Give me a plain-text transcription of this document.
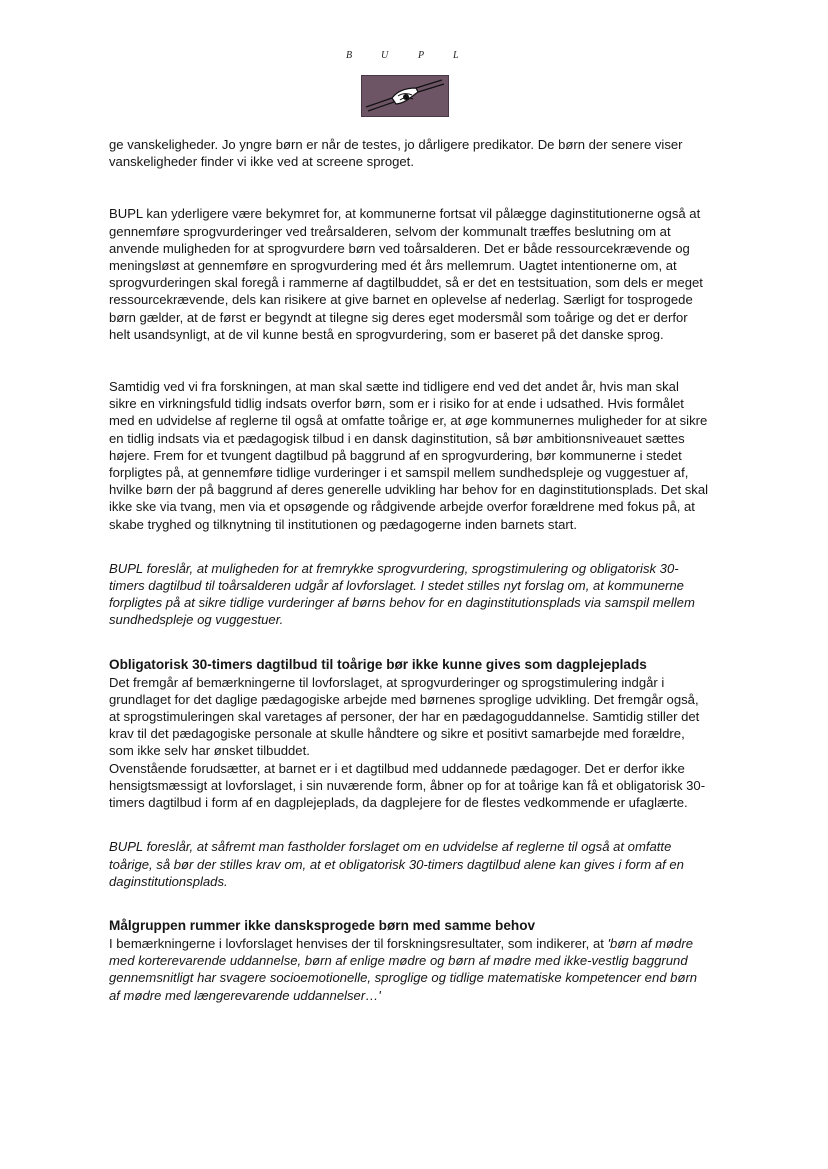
B	U	P	L

ge vanskeligheder. Jo yngre børn er når de testes, jo dårligere predikator. De børn der senere viser vanskeligheder finder vi ikke ved at screene sproget.

BUPL kan yderligere være bekymret for, at kommunerne fortsat vil pålægge daginstitutionerne også at gennemføre sprogvurderinger ved treårsalderen, selvom der kommunalt træffes beslutning om at anvende muligheden for at sprogvurdere børn ved toårsalderen. Det er både ressourcekrævende og meningsløst at gennemføre en sprogvurdering med ét års mellemrum. Uagtet intentionerne om, at sprogvurderingen skal foregå i rammerne af dagtilbuddet, så er det en testsituation, som dels er meget ressourcekrævende, dels kan risikere at give barnet en oplevelse af nederlag. Særligt for tosprogede børn gælder, at de først er begyndt at tilegne sig deres eget modersmål som toårige og det er derfor helt usandsynligt, at de vil kunne bestå en sprogvurdering, som er baseret på det danske sprog.

Samtidig ved vi fra forskningen, at man skal sætte ind tidligere end ved det andet år, hvis man skal sikre en virkningsfuld tidlig indsats overfor børn, som er i risiko for at ende i udsathed. Hvis formålet med en udvidelse af reglerne til også at omfatte toårige er, at øge kommunernes muligheder for at sikre en tidlig indsats via et pædagogisk tilbud i en dansk daginstitution, så bør ambitionsniveauet sættes højere. Frem for et tvungent dagtilbud på baggrund af en sprogvurdering, bør kommunerne i stedet forpligtes på, at gennemføre tidlige vurderinger i et samspil mellem sundhedspleje og vuggestuer af, hvilke børn der på baggrund af deres generelle udvikling har behov for en daginstitutionsplads. Det skal ikke ske via tvang, men via et opsøgende og rådgivende arbejde overfor forældrene med fokus på, at skabe tryghed og tilknytning til institutionen og pædagogerne inden barnets start.

BUPL foreslår, at muligheden for at fremrykke sprogvurdering, sprogstimulering og obligatorisk 30-timers dagtilbud til toårsalderen udgår af lovforslaget. I stedet stilles nyt forslag om, at kommunerne forpligtes på at sikre tidlige vurderinger af børns behov for en daginstitutionsplads via samspil mellem sundhedspleje og vuggestuer.

Obligatorisk 30-timers dagtilbud til toårige bør ikke kunne gives som dagplejeplads

Det fremgår af bemærkningerne til lovforslaget, at sprogvurderinger og sprogstimulering indgår i grundlaget for det daglige pædagogiske arbejde med børnenes sproglige udvikling. Det fremgår også, at sprogstimuleringen skal varetages af personer, der har en pædagoguddannelse. Samtidig stiller det krav til det pædagogiske personale at skulle håndtere og sikre et positivt samarbejde med forældre, som ikke selv har ønsket tilbuddet.

Ovenstående forudsætter, at barnet er i et dagtilbud med uddannede pædagoger. Det er derfor ikke hensigtsmæssigt at lovforslaget, i sin nuværende form, åbner op for at toårige kan få et obligatorisk 30-timers dagtilbud i form af en dagplejeplads, da dagplejere for de flestes vedkommende er ufaglærte.

BUPL foreslår, at såfremt man fastholder forslaget om en udvidelse af reglerne til også at omfatte toårige, så bør der stilles krav om, at et obligatorisk 30-timers dagtilbud alene kan gives i form af en daginstitutionsplads.

Målgruppen rummer ikke dansksprogede børn med samme behov

I bemærkningerne i lovforslaget henvises der til forskningsresultater, som indikerer, at 'børn af mødre med korterevarende uddannelse, børn af enlige mødre og børn af mødre med ikke-vestlig baggrund gennemsnitligt har svagere socioemotionelle, sproglige og tidlige matematiske kompetencer end børn af mødre med længerevarende uddannelser…'
